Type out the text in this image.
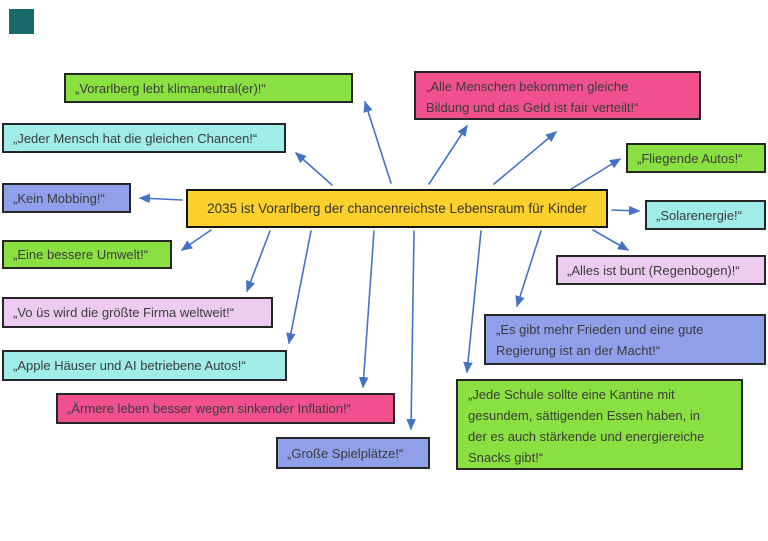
2035 ist Vorarlberg der chancenreichste Lebensraum für Kinder
„Vorarlberg lebt klimaneutral(er)!“	„Alle Menschen bekommen gleiche
Bildung und das Geld ist fair verteilt!“
„Jeder Mensch hat die gleichen Chancen!“
„Fliegende Autos!“
„Kein Mobbing!“
„Solarenergie!“
„Eine bessere Umwelt!“
„Alles ist bunt (Regenbogen)!“
„Vo üs wird die größte Firma weltweit!“
„Es gibt mehr Frieden und eine gute
Regierung ist an der Macht!“
„Apple Häuser und AI betriebene Autos!“
„Ärmere leben besser wegen sinkender Inflation!“
„Jede Schule sollte eine Kantine mit
gesundem, sättigenden Essen haben, in
der es auch stärkende und energiereiche
Snacks gibt!“
„Große Spielplätze!“
